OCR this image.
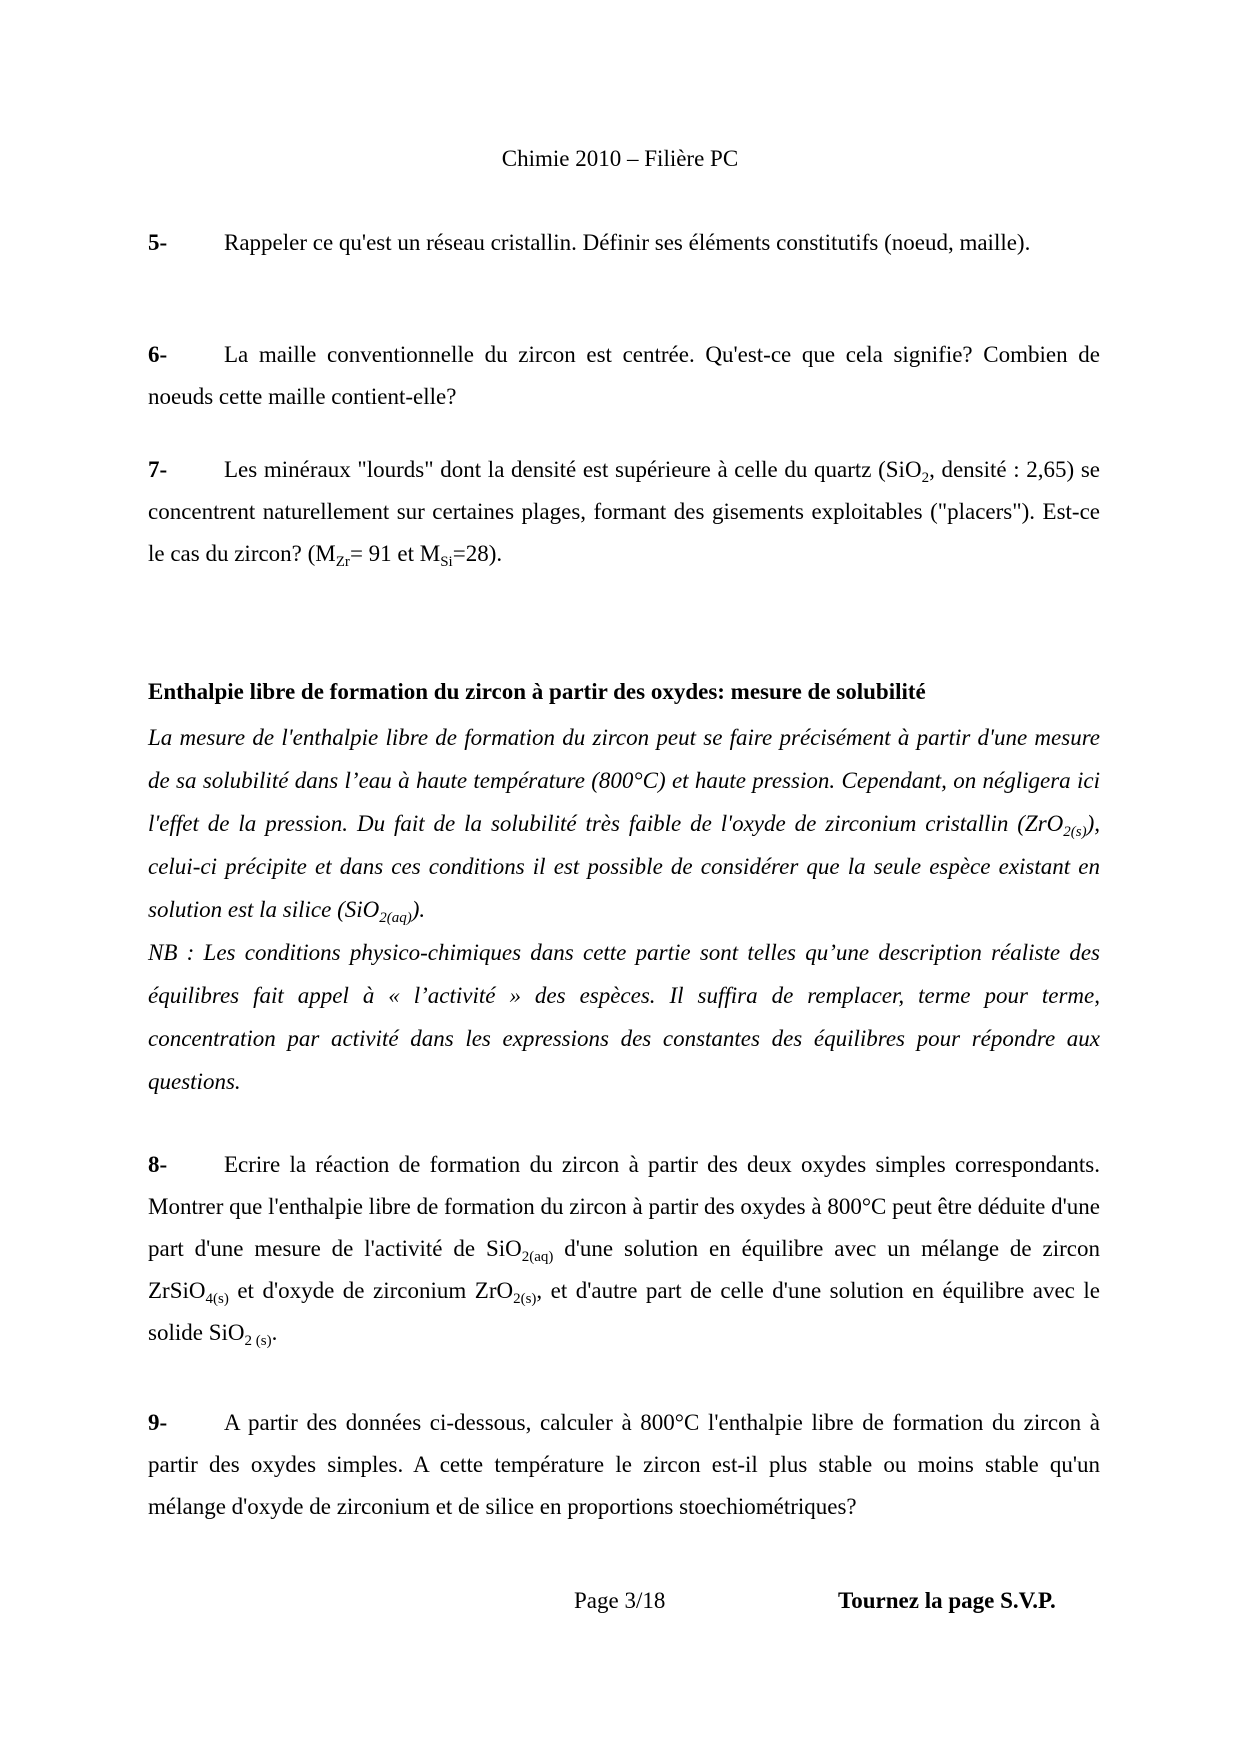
Chimie 2010 – Filière PC
5- Rappeler ce qu'est un réseau cristallin. Définir ses éléments constitutifs (noeud, maille).
6- La maille conventionnelle du zircon est centrée. Qu'est-ce que cela signifie? Combien de noeuds cette maille contient-elle?
7- Les minéraux "lourds" dont la densité est supérieure à celle du quartz (SiO$_2$, densité : 2,65) se concentrent naturellement sur certaines plages, formant des gisements exploitables ("placers"). Est-ce le cas du zircon? ($M_{Zr}= 91$ et $M_{Si}=28$).
Enthalpie libre de formation du zircon à partir des oxydes: mesure de solubilité
La mesure de l'enthalpie libre de formation du zircon peut se faire précisément à partir d'une mesure de sa solubilité dans l’eau à haute température (800°C) et haute pression. Cependant, on négligera ici l'effet de la pression. Du fait de la solubilité très faible de l'oxyde de zirconium cristallin (ZrO$_{2(s)}$), celui-ci précipite et dans ces conditions il est possible de considérer que la seule espèce existant en solution est la silice (SiO$_{2(aq)}$).
NB : Les conditions physico-chimiques dans cette partie sont telles qu’une description réaliste des équilibres fait appel à « l’activité » des espèces. Il suffira de remplacer, terme pour terme, concentration par activité dans les expressions des constantes des équilibres pour répondre aux questions.
8- Ecrire la réaction de formation du zircon à partir des deux oxydes simples correspondants. Montrer que l'enthalpie libre de formation du zircon à partir des oxydes à 800°C peut être déduite d'une part d'une mesure de l'activité de SiO$_{2(aq)}$ d'une solution en équilibre avec un mélange de zircon ZrSiO$_{4(s)}$ et d'oxyde de zirconium ZrO$_{2(s)}$, et d'autre part de celle d'une solution en équilibre avec le solide SiO$_{2 (s)}$.
9- A partir des données ci-dessous, calculer à 800°C l'enthalpie libre de formation du zircon à partir des oxydes simples. A cette température le zircon est-il plus stable ou moins stable qu'un mélange d'oxyde de zirconium et de silice en proportions stoechiométriques?
Page 3/18	Tournez la page S.V.P.
